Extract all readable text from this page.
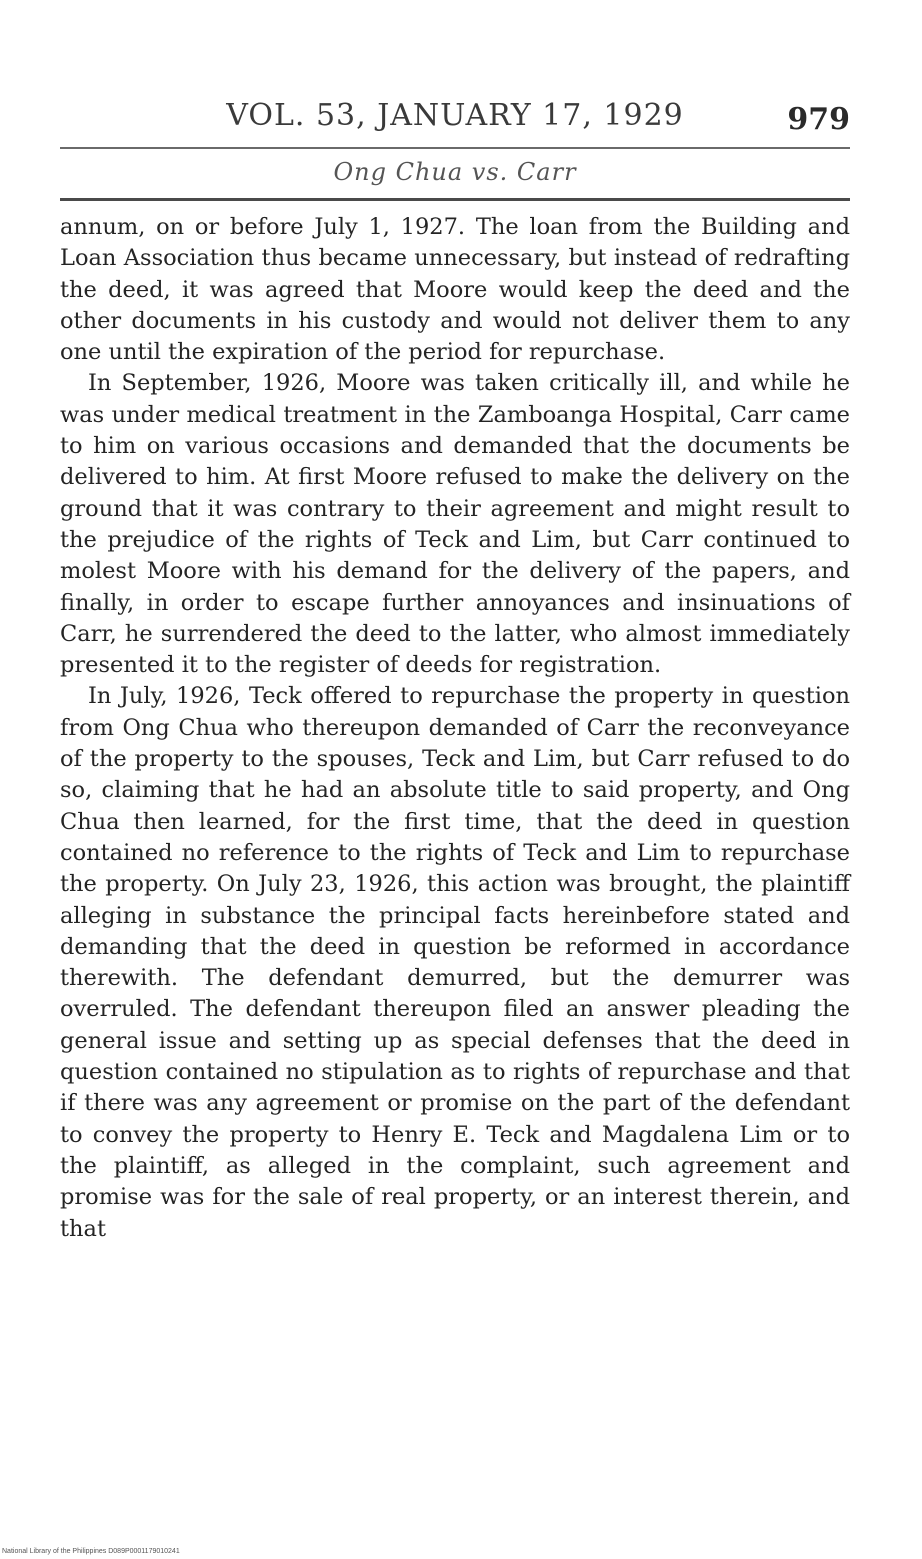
VOL. 53, JANUARY 17, 1929	979
Ong Chua vs. Carr

annum, on or before July 1, 1927. The loan from the Building and Loan Association thus became unnecessary, but instead of redrafting the deed, it was agreed that Moore would keep the deed and the other documents in his custody and would not deliver them to any one until the expiration of the period for repurchase.

In September, 1926, Moore was taken critically ill, and while he was under medical treatment in the Zamboanga Hospital, Carr came to him on various occasions and demanded that the documents be delivered to him. At first Moore refused to make the delivery on the ground that it was contrary to their agreement and might result to the prejudice of the rights of Teck and Lim, but Carr continued to molest Moore with his demand for the delivery of the papers, and finally, in order to escape further annoyances and insinuations of Carr, he surrendered the deed to the latter, who almost immediately presented it to the register of deeds for registration.

In July, 1926, Teck offered to repurchase the property in question from Ong Chua who thereupon demanded of Carr the reconveyance of the property to the spouses, Teck and Lim, but Carr refused to do so, claiming that he had an absolute title to said property, and Ong Chua then learned, for the first time, that the deed in question contained no reference to the rights of Teck and Lim to repurchase the property. On July 23, 1926, this action was brought, the plaintiff alleging in substance the principal facts hereinbefore stated and demanding that the deed in question be reformed in accordance therewith. The defendant demurred, but the demurrer was overruled. The defendant thereupon filed an answer pleading the general issue and setting up as special defenses that the deed in question contained no stipulation as to rights of repurchase and that if there was any agreement or promise on the part of the defendant to convey the property to Henry E. Teck and Magdalena Lim or to the plaintiff, as alleged in the complaint, such agreement and promise was for the sale of real property, or an interest therein, and that

National Library of the Philippines D089P0001179010241
